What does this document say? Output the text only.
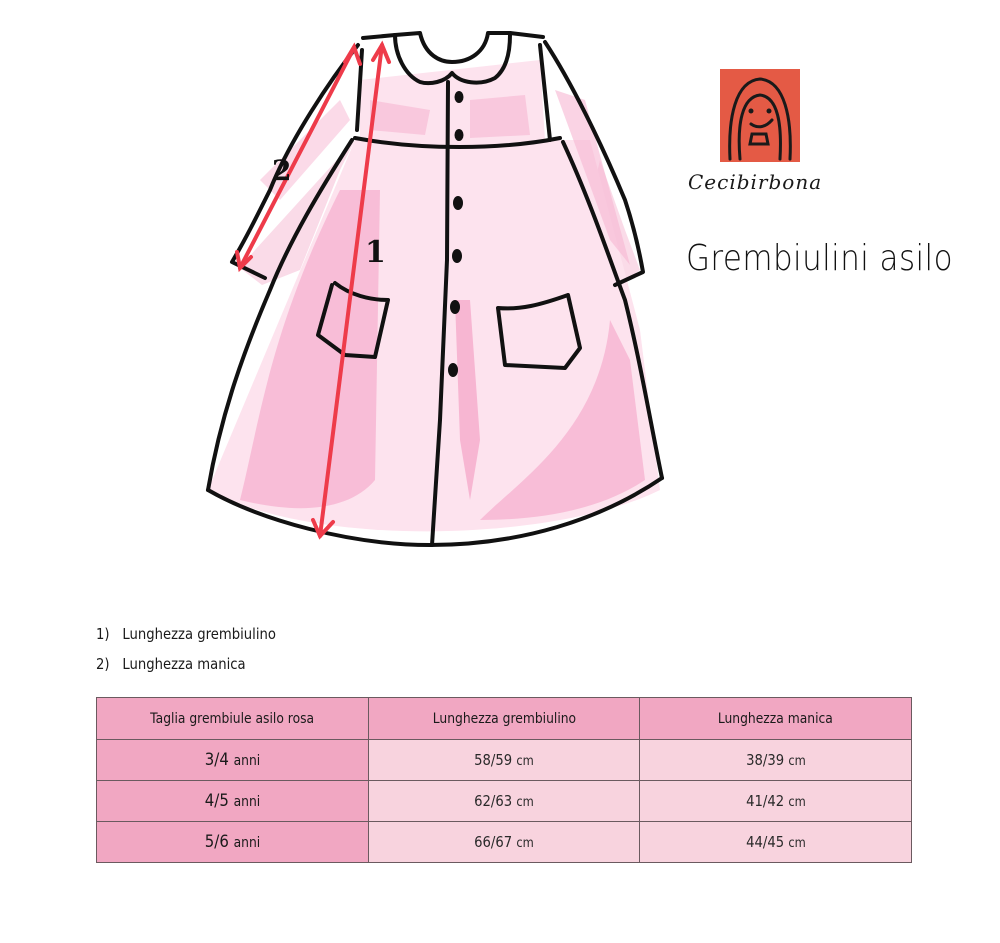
2
1
Cecibirbona
Grembiulini asilo
1) Lunghezza grembiulino
2) Lunghezza manica
Taglia grembiule asilo rosa	Lunghezza grembiulino	Lunghezza manica
3/4 anni	58/59 cm	38/39 cm
4/5 anni	62/63 cm	41/42 cm
5/6 anni	66/67 cm	44/45 cm
